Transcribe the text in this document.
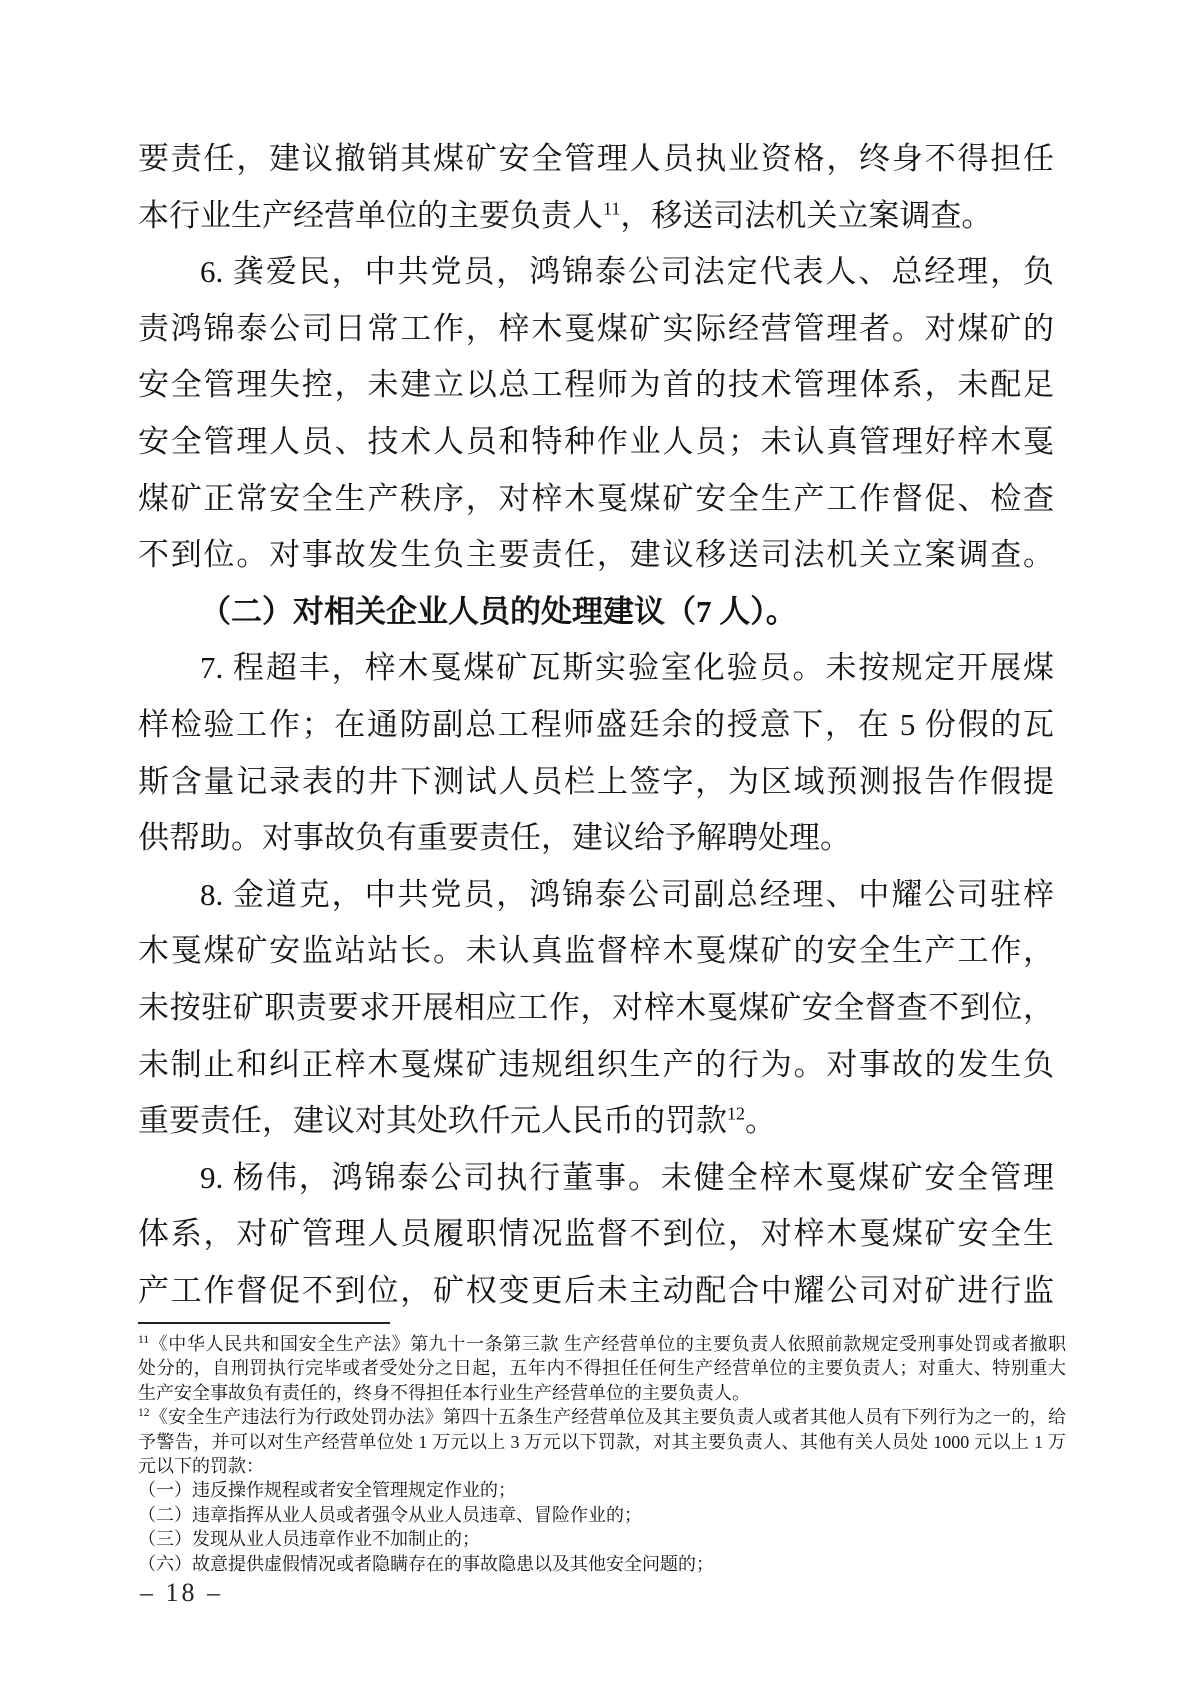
要责任，建议撤销其煤矿安全管理人员执业资格，终身不得担任
本行业生产经营单位的主要负责人$^{11}$，移送司法机关立案调查。
6. 龚爱民，中共党员，鸿锦泰公司法定代表人、总经理，负
责鸿锦泰公司日常工作，梓木戛煤矿实际经营管理者。对煤矿的
安全管理失控，未建立以总工程师为首的技术管理体系，未配足
安全管理人员、技术人员和特种作业人员；未认真管理好梓木戛
煤矿正常安全生产秩序，对梓木戛煤矿安全生产工作督促、检查
不到位。对事故发生负主要责任，建议移送司法机关立案调查。
（二）对相关企业人员的处理建议（7 人）。
7. 程超丰，梓木戛煤矿瓦斯实验室化验员。未按规定开展煤
样检验工作；在通防副总工程师盛廷余的授意下，在 5 份假的瓦
斯含量记录表的井下测试人员栏上签字，为区域预测报告作假提
供帮助。对事故负有重要责任，建议给予解聘处理。
8. 金道克，中共党员，鸿锦泰公司副总经理、中耀公司驻梓
木戛煤矿安监站站长。未认真监督梓木戛煤矿的安全生产工作，
未按驻矿职责要求开展相应工作，对梓木戛煤矿安全督查不到位，
未制止和纠正梓木戛煤矿违规组织生产的行为。对事故的发生负
重要责任，建议对其处玖仟元人民币的罚款$^{12}$。
9. 杨伟，鸿锦泰公司执行董事。未健全梓木戛煤矿安全管理
体系，对矿管理人员履职情况监督不到位，对梓木戛煤矿安全生
产工作督促不到位，矿权变更后未主动配合中耀公司对矿进行监
$^{11}$《中华人民共和国安全生产法》第九十一条第三款 生产经营单位的主要负责人依照前款规定受刑事处罚或者撤职
处分的，自刑罚执行完毕或者受处分之日起，五年内不得担任任何生产经营单位的主要负责人；对重大、特别重大
生产安全事故负有责任的，终身不得担任本行业生产经营单位的主要负责人。
$^{12}$《安全生产违法行为行政处罚办法》第四十五条生产经营单位及其主要负责人或者其他人员有下列行为之一的，给
予警告，并可以对生产经营单位处 1 万元以上 3 万元以下罚款，对其主要负责人、其他有关人员处 1000 元以上 1 万
元以下的罚款：
（一）违反操作规程或者安全管理规定作业的；
（二）违章指挥从业人员或者强令从业人员违章、冒险作业的；
（三）发现从业人员违章作业不加制止的；
（六）故意提供虚假情况或者隐瞒存在的事故隐患以及其他安全问题的；
– 18 –
